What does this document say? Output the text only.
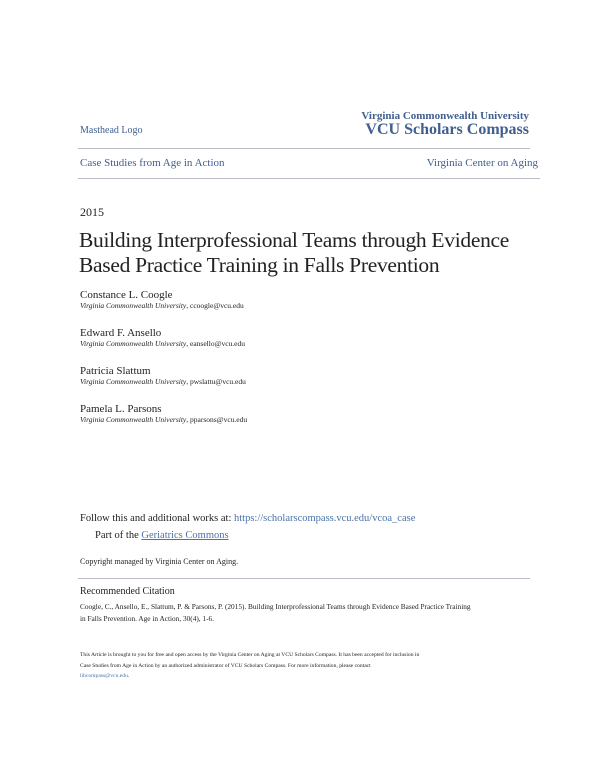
Masthead Logo
Virginia Commonwealth University
VCU Scholars Compass
Case Studies from Age in Action	Virginia Center on Aging
2015
Building Interprofessional Teams through Evidence
Based Practice Training in Falls Prevention
Constance L. Coogle
Virginia Commonwealth University, ccoogle@vcu.edu
Edward F. Ansello
Virginia Commonwealth University, eansello@vcu.edu
Patricia Slattum
Virginia Commonwealth University, pwslattu@vcu.edu
Pamela L. Parsons
Virginia Commonwealth University, pparsons@vcu.edu
Follow this and additional works at: https://scholarscompass.vcu.edu/vcoa_case
Part of the Geriatrics Commons
Copyright managed by Virginia Center on Aging.
Recommended Citation
Coogle, C., Ansello, E., Slattum, P. & Parsons, P. (2015). Building Interprofessional Teams through Evidence Based Practice Training
in Falls Prevention. Age in Action, 30(4), 1-6.
This Article is brought to you for free and open access by the Virginia Center on Aging at VCU Scholars Compass. It has been accepted for inclusion in
Case Studies from Age in Action by an authorized administrator of VCU Scholars Compass. For more information, please contact
libcompass@vcu.edu.
